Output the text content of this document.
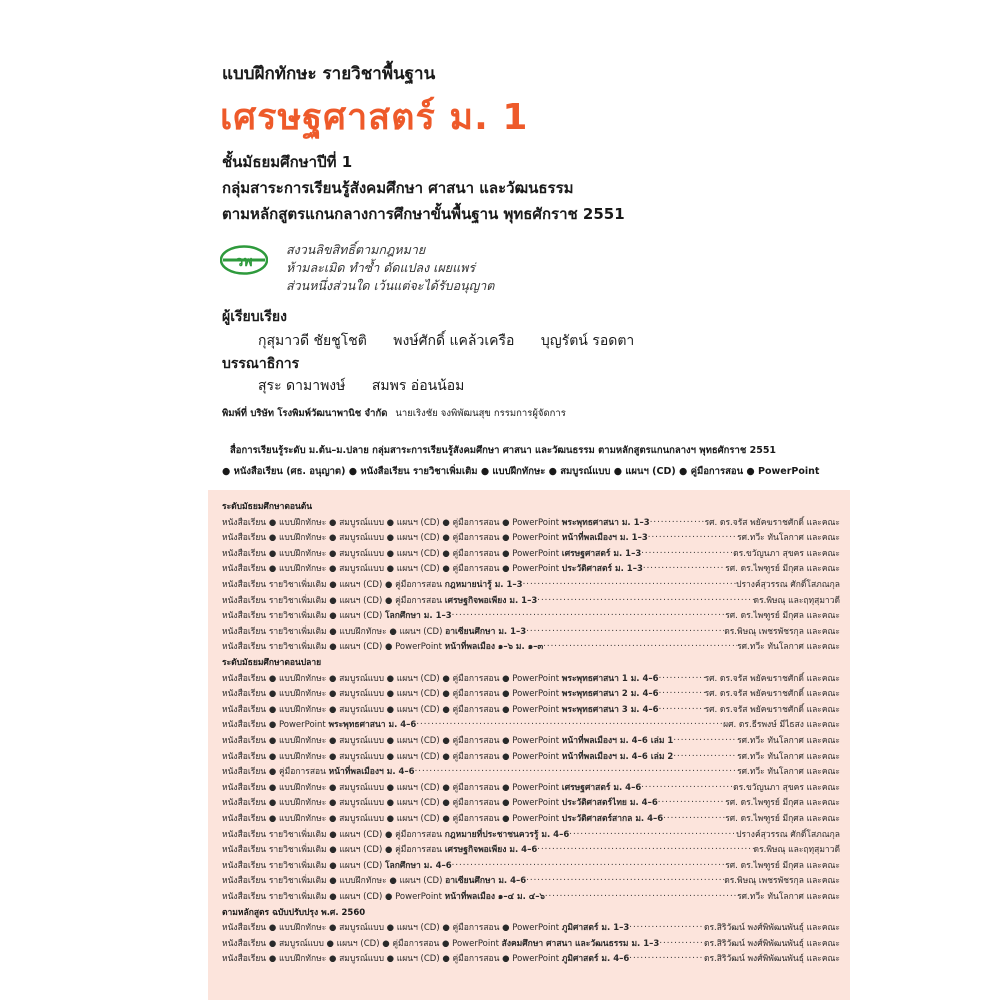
แบบฝึกทักษะ รายวิชาพื้นฐาน
เศรษฐศาสตร์ ม. 1
ชั้นมัธยมศึกษาปีที่ 1
กลุ่มสาระการเรียนรู้สังคมศึกษา ศาสนา และวัฒนธรรม
ตามหลักสูตรแกนกลางการศึกษาขั้นพื้นฐาน พุทธศักราช 2551
วพ
สงวนลิขสิทธิ์ตามกฎหมาย
ห้ามละเมิด ทำซ้ำ ดัดแปลง เผยแพร่
ส่วนหนึ่งส่วนใด เว้นแต่จะได้รับอนุญาต
ผู้เรียบเรียง
กุสุมาวดี ชัยชูโชติ พงษ์ศักดิ์ แคล้วเครือ บุญรัตน์ รอดตา
บรรณาธิการ
สุระ ดามาพงษ์ สมพร อ่อนน้อม
พิมพ์ที่ บริษัท โรงพิมพ์วัฒนาพานิช จำกัด นายเริงชัย จงพิพัฒนสุข กรรมการผู้จัดการ
สื่อการเรียนรู้ระดับ ม.ต้น–ม.ปลาย กลุ่มสาระการเรียนรู้สังคมศึกษา ศาสนา และวัฒนธรรม ตามหลักสูตรแกนกลางฯ พุทธศักราช 2551
● หนังสือเรียน (ศธ. อนุญาต) ● หนังสือเรียน รายวิชาเพิ่มเติม ● แบบฝึกทักษะ ● สมบูรณ์แบบ ● แผนฯ (CD) ● คู่มือการสอน ● PowerPoint
ระดับมัธยมศึกษาตอนต้น
หนังสือเรียน ● แบบฝึกทักษะ ● สมบูรณ์แบบ ● แผนฯ (CD) ● คู่มือการสอน ● PowerPoint พระพุทธศาสนา ม. 1–3 .....	รศ. ดร.จรัส พยัคฆราชศักดิ์ และคณะ
หนังสือเรียน ● แบบฝึกทักษะ ● สมบูรณ์แบบ ● แผนฯ (CD) ● คู่มือการสอน ● PowerPoint หน้าที่พลเมืองฯ ม. 1–3 .....	รศ.ทวีะ ทันโลกาศ และคณะ
หนังสือเรียน ● แบบฝึกทักษะ ● สมบูรณ์แบบ ● แผนฯ (CD) ● คู่มือการสอน ● PowerPoint เศรษฐศาสตร์ ม. 1–3 .....	ดร.ขวัญนภา สุขคร และคณะ
หนังสือเรียน ● แบบฝึกทักษะ ● สมบูรณ์แบบ ● แผนฯ (CD) ● คู่มือการสอน ● PowerPoint ประวัติศาสตร์ ม. 1–3 .....	รศ. ดร.ไพฑูรย์ มีกุศล และคณะ
หนังสือเรียน รายวิชาเพิ่มเติม ● แผนฯ (CD) ● คู่มือการสอน กฎหมายน่ารู้ ม. 1–3 .....	ปรางค์สุวรรณ ศักดิ์โสภณกุล
หนังสือเรียน รายวิชาเพิ่มเติม ● แผนฯ (CD) ● คู่มือการสอน เศรษฐกิจพอเพียง ม. 1–3 .....	ดร.พิษณุ และฤทุสุมาวดี
หนังสือเรียน รายวิชาเพิ่มเติม ● แผนฯ (CD) โลกศึกษา ม. 1–3 .....	รศ. ดร.ไพฑูรย์ มีกุศล และคณะ
หนังสือเรียน รายวิชาเพิ่มเติม ● แบบฝึกทักษะ ● แผนฯ (CD) อาเซียนศึกษา ม. 1–3 .....	ดร.พิษณุ เพชรพัชรกุล และคณะ
หนังสือเรียน รายวิชาเพิ่มเติม ● แผนฯ (CD) ● PowerPoint หน้าที่พลเมือง ๑–๖ ม. ๑–๓ .....	รศ.ทวีะ ทันโลกาศ และคณะ
ระดับมัธยมศึกษาตอนปลาย
หนังสือเรียน ● แบบฝึกทักษะ ● สมบูรณ์แบบ ● แผนฯ (CD) ● คู่มือการสอน ● PowerPoint พระพุทธศาสนา 1 ม. 4–6 .....	รศ. ดร.จรัส พยัคฆราชศักดิ์ และคณะ
หนังสือเรียน ● แบบฝึกทักษะ ● สมบูรณ์แบบ ● แผนฯ (CD) ● คู่มือการสอน ● PowerPoint พระพุทธศาสนา 2 ม. 4–6 .....	รศ. ดร.จรัส พยัคฆราชศักดิ์ และคณะ
หนังสือเรียน ● แบบฝึกทักษะ ● สมบูรณ์แบบ ● แผนฯ (CD) ● คู่มือการสอน ● PowerPoint พระพุทธศาสนา 3 ม. 4–6 .....	รศ. ดร.จรัส พยัคฆราชศักดิ์ และคณะ
หนังสือเรียน ● PowerPoint พระพุทธศาสนา ม. 4–6 .....	ผศ. ดร.ธีรพงษ์ มีไธสง และคณะ
หนังสือเรียน ● แบบฝึกทักษะ ● สมบูรณ์แบบ ● แผนฯ (CD) ● คู่มือการสอน ● PowerPoint หน้าที่พลเมืองฯ ม. 4–6 เล่ม 1 .....	รศ.ทวีะ ทันโลกาศ และคณะ
หนังสือเรียน ● แบบฝึกทักษะ ● สมบูรณ์แบบ ● แผนฯ (CD) ● คู่มือการสอน ● PowerPoint หน้าที่พลเมืองฯ ม. 4–6 เล่ม 2 .....	รศ.ทวีะ ทันโลกาศ และคณะ
หนังสือเรียน ● คู่มือการสอน หน้าที่พลเมืองฯ ม. 4–6 .....	รศ.ทวีะ ทันโลกาศ และคณะ
หนังสือเรียน ● แบบฝึกทักษะ ● สมบูรณ์แบบ ● แผนฯ (CD) ● คู่มือการสอน ● PowerPoint เศรษฐศาสตร์ ม. 4–6 .....	ดร.ขวัญนภา สุขคร และคณะ
หนังสือเรียน ● แบบฝึกทักษะ ● สมบูรณ์แบบ ● แผนฯ (CD) ● คู่มือการสอน ● PowerPoint ประวัติศาสตร์ไทย ม. 4–6 .....	รศ. ดร.ไพฑูรย์ มีกุศล และคณะ
หนังสือเรียน ● แบบฝึกทักษะ ● สมบูรณ์แบบ ● แผนฯ (CD) ● คู่มือการสอน ● PowerPoint ประวัติศาสตร์สากล ม. 4–6 .....	รศ. ดร.ไพฑูรย์ มีกุศล และคณะ
หนังสือเรียน รายวิชาเพิ่มเติม ● แผนฯ (CD) ● คู่มือการสอน กฎหมายที่ประชาชนควรรู้ ม. 4–6 .....	ปรางค์สุวรรณ ศักดิ์โสภณกุล
หนังสือเรียน รายวิชาเพิ่มเติม ● แผนฯ (CD) ● คู่มือการสอน เศรษฐกิจพอเพียง ม. 4–6 .....	ดร.พิษณุ และฤทุสุมาวดี
หนังสือเรียน รายวิชาเพิ่มเติม ● แผนฯ (CD) โลกศึกษา ม. 4–6 .....	รศ. ดร.ไพฑูรย์ มีกุศล และคณะ
หนังสือเรียน รายวิชาเพิ่มเติม ● แบบฝึกทักษะ ● แผนฯ (CD) อาเซียนศึกษา ม. 4–6 .....	ดร.พิษณุ เพชรพัชรกุล และคณะ
หนังสือเรียน รายวิชาเพิ่มเติม ● แผนฯ (CD) ● PowerPoint หน้าที่พลเมือง ๑–๔ ม. ๔–๖ .....	รศ.ทวีะ ทันโลกาศ และคณะ
ตามหลักสูตร ฉบับปรับปรุง พ.ศ. 2560
หนังสือเรียน ● แบบฝึกทักษะ ● สมบูรณ์แบบ ● แผนฯ (CD) ● คู่มือการสอน ● PowerPoint ภูมิศาสตร์ ม. 1–3 .....	ดร.สิริวัฒน์ พงศ์พิพัฒนพันธุ์ และคณะ
หนังสือเรียน ● สมบูรณ์แบบ ● แผนฯ (CD) ● คู่มือการสอน ● PowerPoint สังคมศึกษา ศาสนา และวัฒนธรรม ม. 1–3 .....	ดร.สิริวัฒน์ พงศ์พิพัฒนพันธุ์ และคณะ
หนังสือเรียน ● แบบฝึกทักษะ ● สมบูรณ์แบบ ● แผนฯ (CD) ● คู่มือการสอน ● PowerPoint ภูมิศาสตร์ ม. 4–6 .....	ดร.สิริวัฒน์ พงศ์พิพัฒนพันธุ์ และคณะ
